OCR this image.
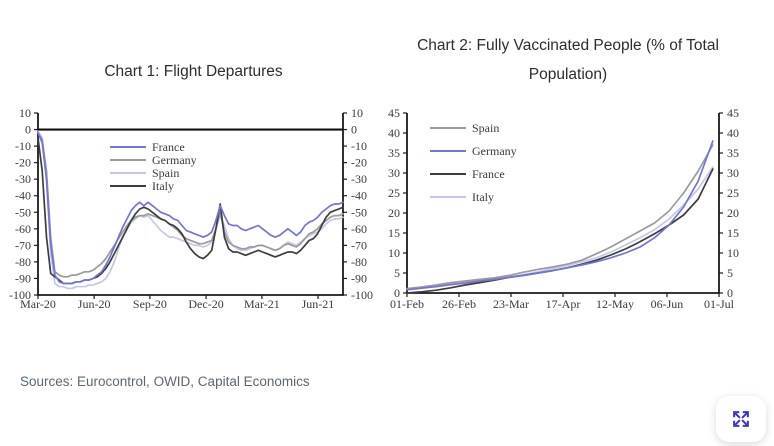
Chart 1: Flight Departures
Chart 2: Fully Vaccinated People (% of Total Population)
-100	-100
-90	-90
-80	-80
-70	-70
-60	-60
-50	-50
-40	-40
-30	-30
-20	-20
-10	-10
0	0
10	10
Mar-20 Jun-20 Sep-20 Dec-20 Mar-21 Jun-21
France
Germany
Spain
Italy
0	0
5	5
10	10
15	15
20	20
25	25
30	30
35	35
40	40
45	45
01-Feb 26-Feb 23-Mar 17-Apr 12-May 06-Jun 01-Jul
Spain
Germany
France
Italy
Sources: Eurocontrol, OWID, Capital Economics
